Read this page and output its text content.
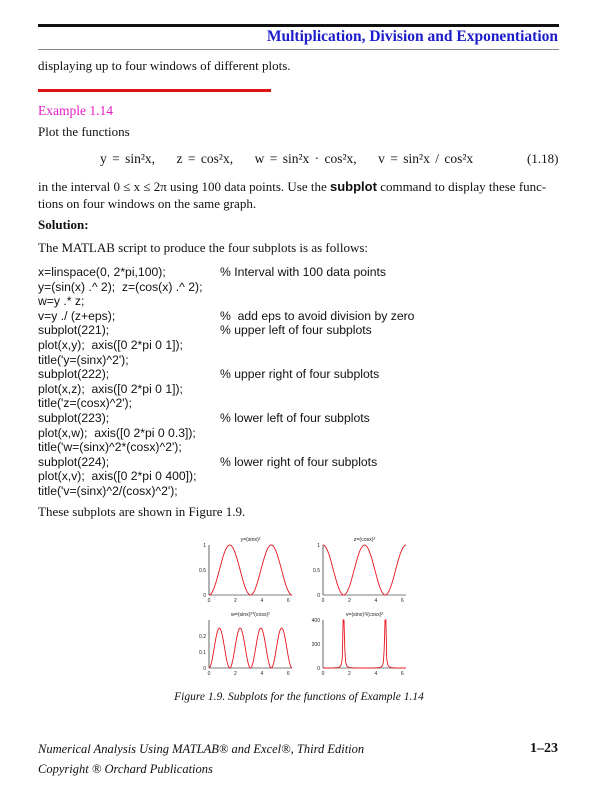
Multiplication, Division and Exponentiation
displaying up to four windows of different plots.
Example 1.14
Plot the functions
y = sin²x, z = cos²x, w = sin²x · cos²x, v = sin²x / cos²x	(1.18)
in the interval 0 ≤ x ≤ 2π using 100 data points. Use the subplot command to display these func-
tions on four windows on the same graph.
Solution:
The MATLAB script to produce the four subplots is as follows:
x=linspace(0, 2*pi,100);	% Interval with 100 data points
y=(sin(x) .^ 2);  z=(cos(x) .^ 2);
w=y .* z;
v=y ./ (z+eps);	%  add eps to avoid division by zero
subplot(221);	% upper left of four subplots
plot(x,y);  axis([0 2*pi 0 1]);
title('y=(sinx)^2');
subplot(222);	% upper right of four subplots
plot(x,z);  axis([0 2*pi 0 1]);
title('z=(cosx)^2');
subplot(223);	% lower left of four subplots
plot(x,w);  axis([0 2*pi 0 0.3]);
title('w=(sinx)^2*(cosx)^2');
subplot(224);	% lower right of four subplots
plot(x,v);  axis([0 2*pi 0 400]);
title('v=(sinx)^2/(cosx)^2');
These subplots are shown in Figure 1.9.
y=(sinx)²
0	2	4	6
0
0.5
1
z=(cosx)²
0	2	4	6
0
0.5
1
w=(sinx)²*(cosx)²
0	2	4	6
0
0.1
0.2
v=(sinx)²/(cosx)²
0	2	4	6
0
200
400
Figure 1.9. Subplots for the functions of Example 1.14
Numerical Analysis Using MATLAB® and Excel®, Third Edition
Copyright ® Orchard Publications
1–23
